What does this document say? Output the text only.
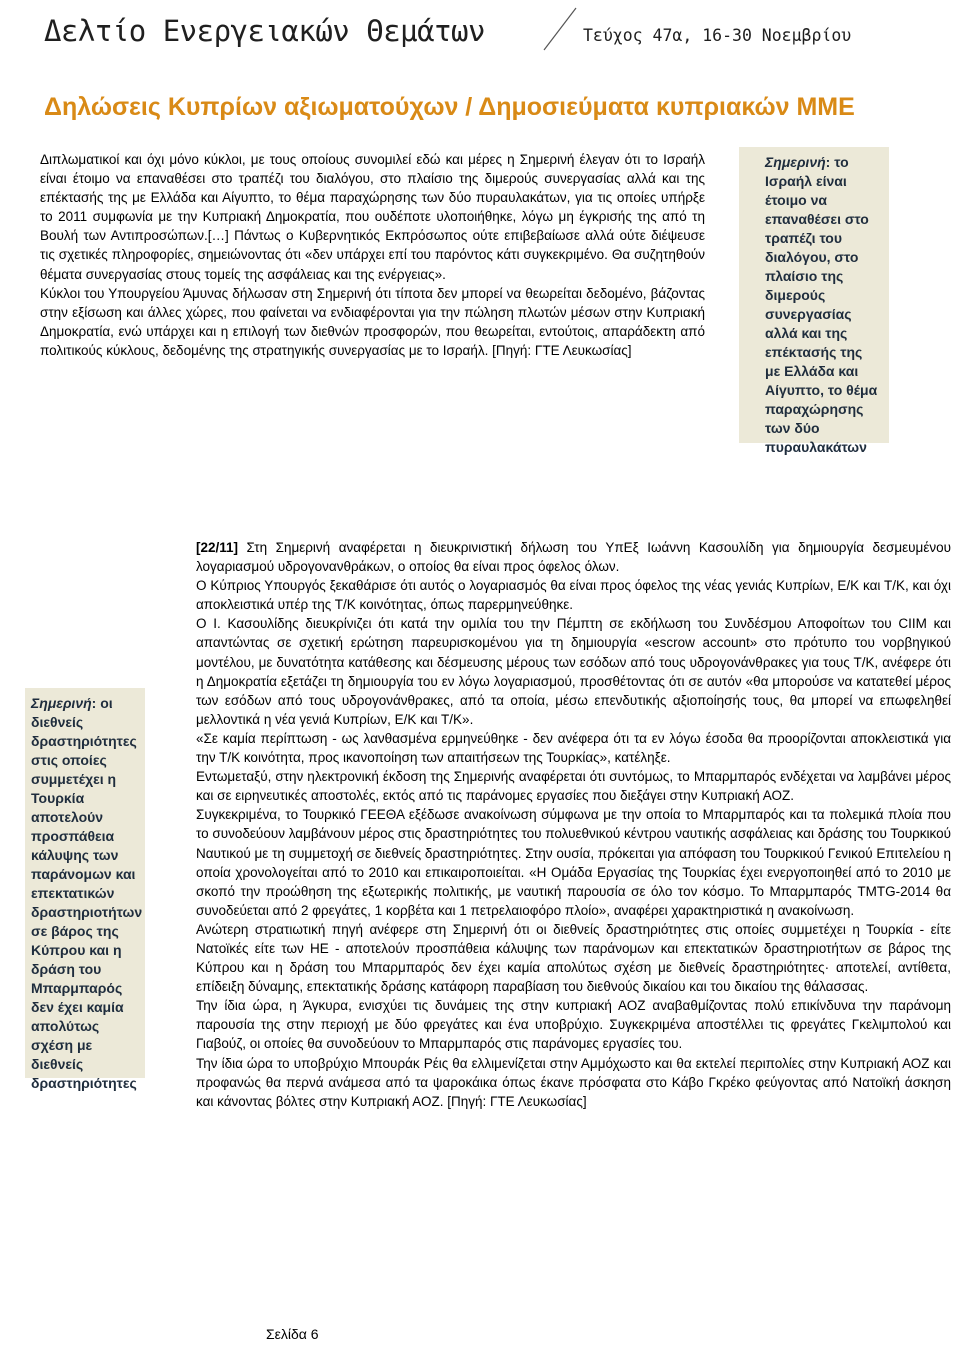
Δελτίο Ενεργειακών Θεμάτων	Τεύχος 47α, 16-30 Νοεμβρίου
Δηλώσεις Κυπρίων αξιωματούχων / Δημοσιεύματα κυπριακών ΜΜΕ

Διπλωματικοί και όχι μόνο κύκλοι, με τους οποίους συνομιλεί εδώ και μέρες η Σημερινή έλεγαν ότι το Ισραήλ είναι έτοιμο να επαναθέσει στο τραπέζι του διαλόγου, στο πλαίσιο της διμερούς συνεργασίας αλλά και της επέκτασής της με Ελλάδα και Αίγυπτο, το θέμα παραχώρησης των δύο πυραυλακάτων, για τις οποίες υπήρξε το 2011 συμφωνία με την Κυπριακή Δημοκρατία, που ουδέποτε υλοποιήθηκε, λόγω μη έγκρισής της από τη Βουλή των Αντιπροσώπων.[…] Πάντως ο Κυβερνητικός Εκπρόσωπος ούτε επιβεβαίωσε αλλά ούτε διέψευσε τις σχετικές πληροφορίες, σημειώνοντας ότι «δεν υπάρχει επί του παρόντος κάτι συγκεκριμένο. Θα συζητηθούν θέματα συνεργασίας στους τομείς της ασφάλειας και της ενέργειας».

Κύκλοι του Υπουργείου Άμυνας δήλωσαν στη Σημερινή ότι τίποτα δεν μπορεί να θεωρείται δεδομένο, βάζοντας στην εξίσωση και άλλες χώρες, που φαίνεται να ενδιαφέρονται για την πώληση πλωτών μέσων στην Κυπριακή Δημοκρατία, ενώ υπάρχει και η επιλογή των διεθνών προσφορών, που θεωρείται, εντούτοις, απαράδεκτη από πολιτικούς κύκλους, δεδομένης της στρατηγικής συνεργασίας με το Ισραήλ. [Πηγή: ΓΤΕ Λευκωσίας]

Σημερινή: το Ισραήλ είναι έτοιμο να επαναθέσει στο τραπέζι του διαλόγου, στο πλαίσιο της διμερούς συνεργασίας αλλά και της επέκτασής της με Ελλάδα και Αίγυπτο, το θέμα παραχώρησης των δύο πυραυλακάτων

[22/11] Στη Σημερινή αναφέρεται η διευκρινιστική δήλωση του ΥπΕξ Ιωάννη Κασουλίδη για δημιουργία δεσμευμένου λογαριασμού υδρογονανθράκων, ο οποίος θα είναι προς όφελος όλων.

Ο Κύπριος Υπουργός ξεκαθάρισε ότι αυτός ο λογαριασμός θα είναι προς όφελος της νέας γενιάς Κυπρίων, Ε/Κ και Τ/Κ, και όχι αποκλειστικά υπέρ της Τ/Κ κοινότητας, όπως παρερμηνεύθηκε.

Ο Ι. Κασουλίδης διευκρίνιζει ότι κατά την ομιλία του την Πέμπτη σε εκδήλωση του Συνδέσμου Αποφοίτων του CIIM και απαντώντας σε σχετική ερώτηση παρευρισκομένου για τη δημιουργία «escrow account» στο πρότυπο του νορβηγικού μοντέλου, με δυνατότητα κατάθεσης και δέσμευσης μέρους των εσόδων από τους υδρογονάνθρακες για τους Τ/Κ, ανέφερε ότι η Δημοκρατία εξετάζει τη δημιουργία του εν λόγω λογαριασμού, προσθέτοντας ότι σε αυτόν «θα μπορούσε να κατατεθεί μέρος των εσόδων από τους υδρογονάνθρακες, από τα οποία, μέσω επενδυτικής αξιοποίησής τους, θα μπορεί να επωφεληθεί μελλοντικά η νέα γενιά Κυπρίων, Ε/Κ και Τ/Κ».

«Σε καμία περίπτωση - ως λανθασμένα ερμηνεύθηκε - δεν ανέφερα ότι τα εν λόγω έσοδα θα προορίζονται αποκλειστικά για την Τ/Κ κοινότητα, προς ικανοποίηση των απαιτήσεων της Τουρκίας», κατέληξε.

Εντωμεταξύ, στην ηλεκτρονική έκδοση της Σημερινής αναφέρεται ότι συντόμως, το Μπαρμπαρός ενδέχεται να λαμβάνει μέρος και σε ειρηνευτικές αποστολές, εκτός από τις παράνομες εργασίες που διεξάγει στην Κυπριακή ΑΟΖ.

Συγκεκριμένα, το Τουρκικό ΓΕΕΘΑ εξέδωσε ανακοίνωση σύμφωνα με την οποία το Μπαρμπαρός και τα πολεμικά πλοία που το συνοδεύουν λαμβάνουν μέρος στις δραστηριότητες του πολυεθνικού κέντρου ναυτικής ασφάλειας και δράσης του Τουρκικού Ναυτικού με τη συμμετοχή σε διεθνείς δραστηριότητες. Στην ουσία, πρόκειται για απόφαση του Τουρκικού Γενικού Επιτελείου η οποία χρονολογείται από το 2010 και επικαιροποιείται. «Η Ομάδα Εργασίας της Τουρκίας έχει ενεργοποιηθεί από το 2010 με σκοπό την προώθηση της εξωτερικής πολιτικής, με ναυτική παρουσία σε όλο τον κόσμο. Το Μπαρμπαρός TMTG-2014 θα συνοδεύεται από 2 φρεγάτες, 1 κορβέτα και 1 πετρελαιοφόρο πλοίο», αναφέρει χαρακτηριστικά η ανακοίνωση.

Ανώτερη στρατιωτική πηγή ανέφερε στη Σημερινή ότι οι διεθνείς δραστηριότητες στις οποίες συμμετέχει η Τουρκία - είτε Νατοϊκές είτε των ΗΕ - αποτελούν προσπάθεια κάλυψης των παράνομων και επεκτατικών δραστηριοτήτων σε βάρος της Κύπρου και η δράση του Μπαρμπαρός δεν έχει καμία απολύτως σχέση με διεθνείς δραστηριότητες· αποτελεί, αντίθετα, επίδειξη δύναμης, επεκτατικής δράσης κατάφορη παραβίαση του διεθνούς δικαίου και του δικαίου της θάλασσας.

Την ίδια ώρα, η Άγκυρα, ενισχύει τις δυνάμεις της στην κυπριακή ΑΟΖ αναβαθμίζοντας πολύ επικίνδυνα την παράνομη παρουσία της στην περιοχή με δύο φρεγάτες και ένα υποβρύχιο. Συγκεκριμένα αποστέλλει τις φρεγάτες Γκελιμπολού και Γιαβούζ, οι οποίες θα συνοδεύουν το Μπαρμπαρός στις παράνομες εργασίες του.

Την ίδια ώρα το υποβρύχιο Μπουράκ Ρέις θα ελλιμενίζεται στην Αμμόχωστο και θα εκτελεί περιπολίες στην Κυπριακή ΑΟΖ και προφανώς θα περνά ανάμεσα από τα ψαροκάικα όπως έκανε πρόσφατα στο Κάβο Γκρέκο φεύγοντας από Νατοϊκή άσκηση και κάνοντας βόλτες στην Κυπριακή ΑΟΖ. [Πηγή: ΓΤΕ Λευκωσίας]

Σημερινή: οι διεθνείς δραστηριότητες στις οποίες συμμετέχει η Τουρκία αποτελούν προσπάθεια κάλυψης των παράνομων και επεκτατικών δραστηριοτήτων σε βάρος της Κύπρου και η δράση του Μπαρμπαρός δεν έχει καμία απολύτως σχέση με διεθνείς δραστηριότητες
Σελίδα 6
